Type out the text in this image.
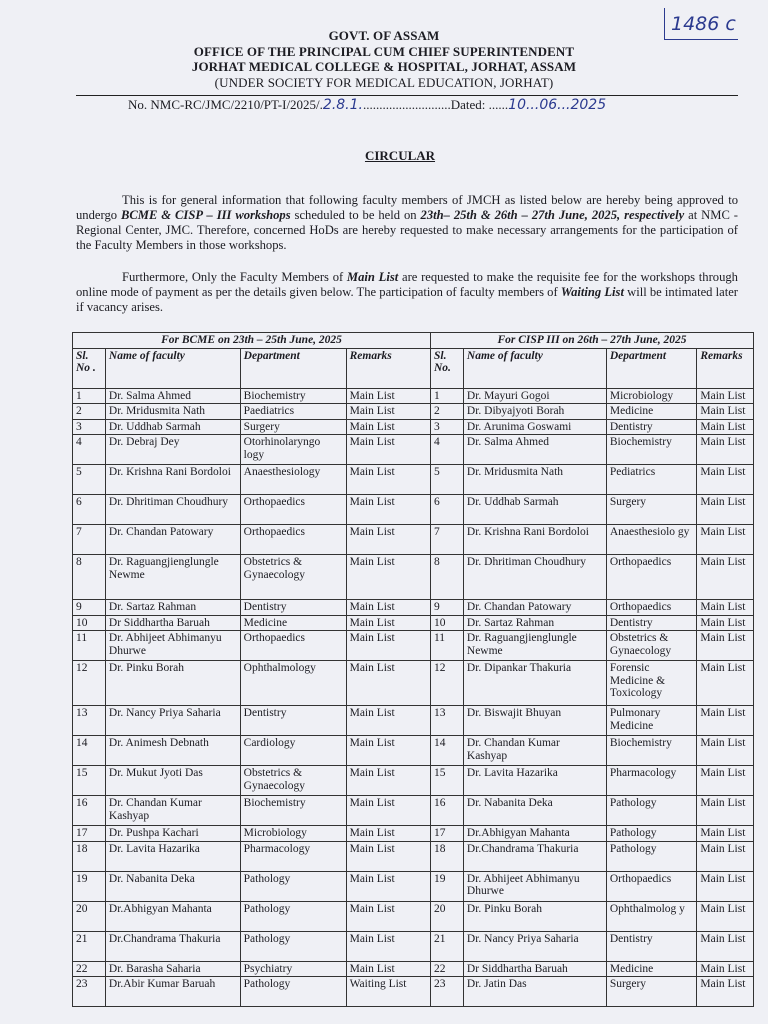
1486 c
GOVT. OF ASSAM
OFFICE OF THE PRINCIPAL CUM CHIEF SUPERINTENDENT
JORHAT MEDICAL COLLEGE & HOSPITAL, JORHAT, ASSAM
(UNDER SOCIETY FOR MEDICAL EDUCATION, JORHAT)
No. NMC-RC/JMC/2210/PT-I/2025/.2.8.1............................Dated: ......10...06...2025
CIRCULAR
This is for general information that following faculty members of JMCH as listed below are hereby being approved to undergo BCME & CISP – III workshops scheduled to be held on 23th– 25th & 26th – 27th June, 2025, respectively at NMC - Regional Center, JMC. Therefore, concerned HoDs are hereby requested to make necessary arrangements for the participation of the Faculty Members in those workshops.
Furthermore, Only the Faculty Members of Main List are requested to make the requisite fee for the workshops through online mode of payment as per the details given below. The participation of faculty members of Waiting List will be intimated later if vacancy arises.
For BCME on 23th – 25th June, 2025				For CISP III on 26th – 27th June, 2025			
Sl. No .	Name of faculty	Department	Remarks	Sl. No.	Name of faculty	Department	Remarks
1	Dr. Salma Ahmed	Biochemistry	Main List	1	Dr. Mayuri Gogoi	Microbiology	Main List
2	Dr. Mridusmita Nath	Paediatrics	Main List	2	Dr. Dibyajyoti Borah	Medicine	Main List
3	Dr. Uddhab Sarmah	Surgery	Main List	3	Dr. Arunima Goswami	Dentistry	Main List
4	Dr. Debraj Dey	Otorhinolaryngo logy	Main List	4	Dr. Salma Ahmed	Biochemistry	Main List
5	Dr. Krishna Rani Bordoloi	Anaesthesiology	Main List	5	Dr. Mridusmita Nath	Pediatrics	Main List
6	Dr. Dhritiman Choudhury	Orthopaedics	Main List	6	Dr. Uddhab Sarmah	Surgery	Main List
7	Dr. Chandan Patowary	Orthopaedics	Main List	7	Dr. Krishna Rani Bordoloi	Anaesthesiolo gy	Main List
8	Dr. Raguangjienglungle Newme	Obstetrics & Gynaecology	Main List	8	Dr. Dhritiman Choudhury	Orthopaedics	Main List
9	Dr. Sartaz Rahman	Dentistry	Main List	9	Dr. Chandan Patowary	Orthopaedics	Main List
10	Dr Siddhartha Baruah	Medicine	Main List	10	Dr. Sartaz Rahman	Dentistry	Main List
11	Dr. Abhijeet Abhimanyu Dhurwe	Orthopaedics	Main List	11	Dr. Raguangjienglungle Newme	Obstetrics & Gynaecology	Main List
12	Dr. Pinku Borah	Ophthalmology	Main List	12	Dr. Dipankar Thakuria	Forensic Medicine & Toxicology	Main List
13	Dr. Nancy Priya Saharia	Dentistry	Main List	13	Dr. Biswajit Bhuyan	Pulmonary Medicine	Main List
14	Dr. Animesh Debnath	Cardiology	Main List	14	Dr. Chandan Kumar Kashyap	Biochemistry	Main List
15	Dr. Mukut Jyoti Das	Obstetrics & Gynaecology	Main List	15	Dr. Lavita Hazarika	Pharmacology	Main List
16	Dr. Chandan Kumar Kashyap	Biochemistry	Main List	16	Dr. Nabanita Deka	Pathology	Main List
17	Dr. Pushpa Kachari	Microbiology	Main List	17	Dr.Abhigyan Mahanta	Pathology	Main List
18	Dr. Lavita Hazarika	Pharmacology	Main List	18	Dr.Chandrama Thakuria	Pathology	Main List
19	Dr. Nabanita Deka	Pathology	Main List	19	Dr. Abhijeet Abhimanyu Dhurwe	Orthopaedics	Main List
20	Dr.Abhigyan Mahanta	Pathology	Main List	20	Dr. Pinku Borah	Ophthalmolog y	Main List
21	Dr.Chandrama Thakuria	Pathology	Main List	21	Dr. Nancy Priya Saharia	Dentistry	Main List
22	Dr. Barasha Saharia	Psychiatry	Main List	22	Dr Siddhartha Baruah	Medicine	Main List
23	Dr.Abir Kumar Baruah	Pathology	Waiting List	23	Dr. Jatin Das	Surgery	Main List
